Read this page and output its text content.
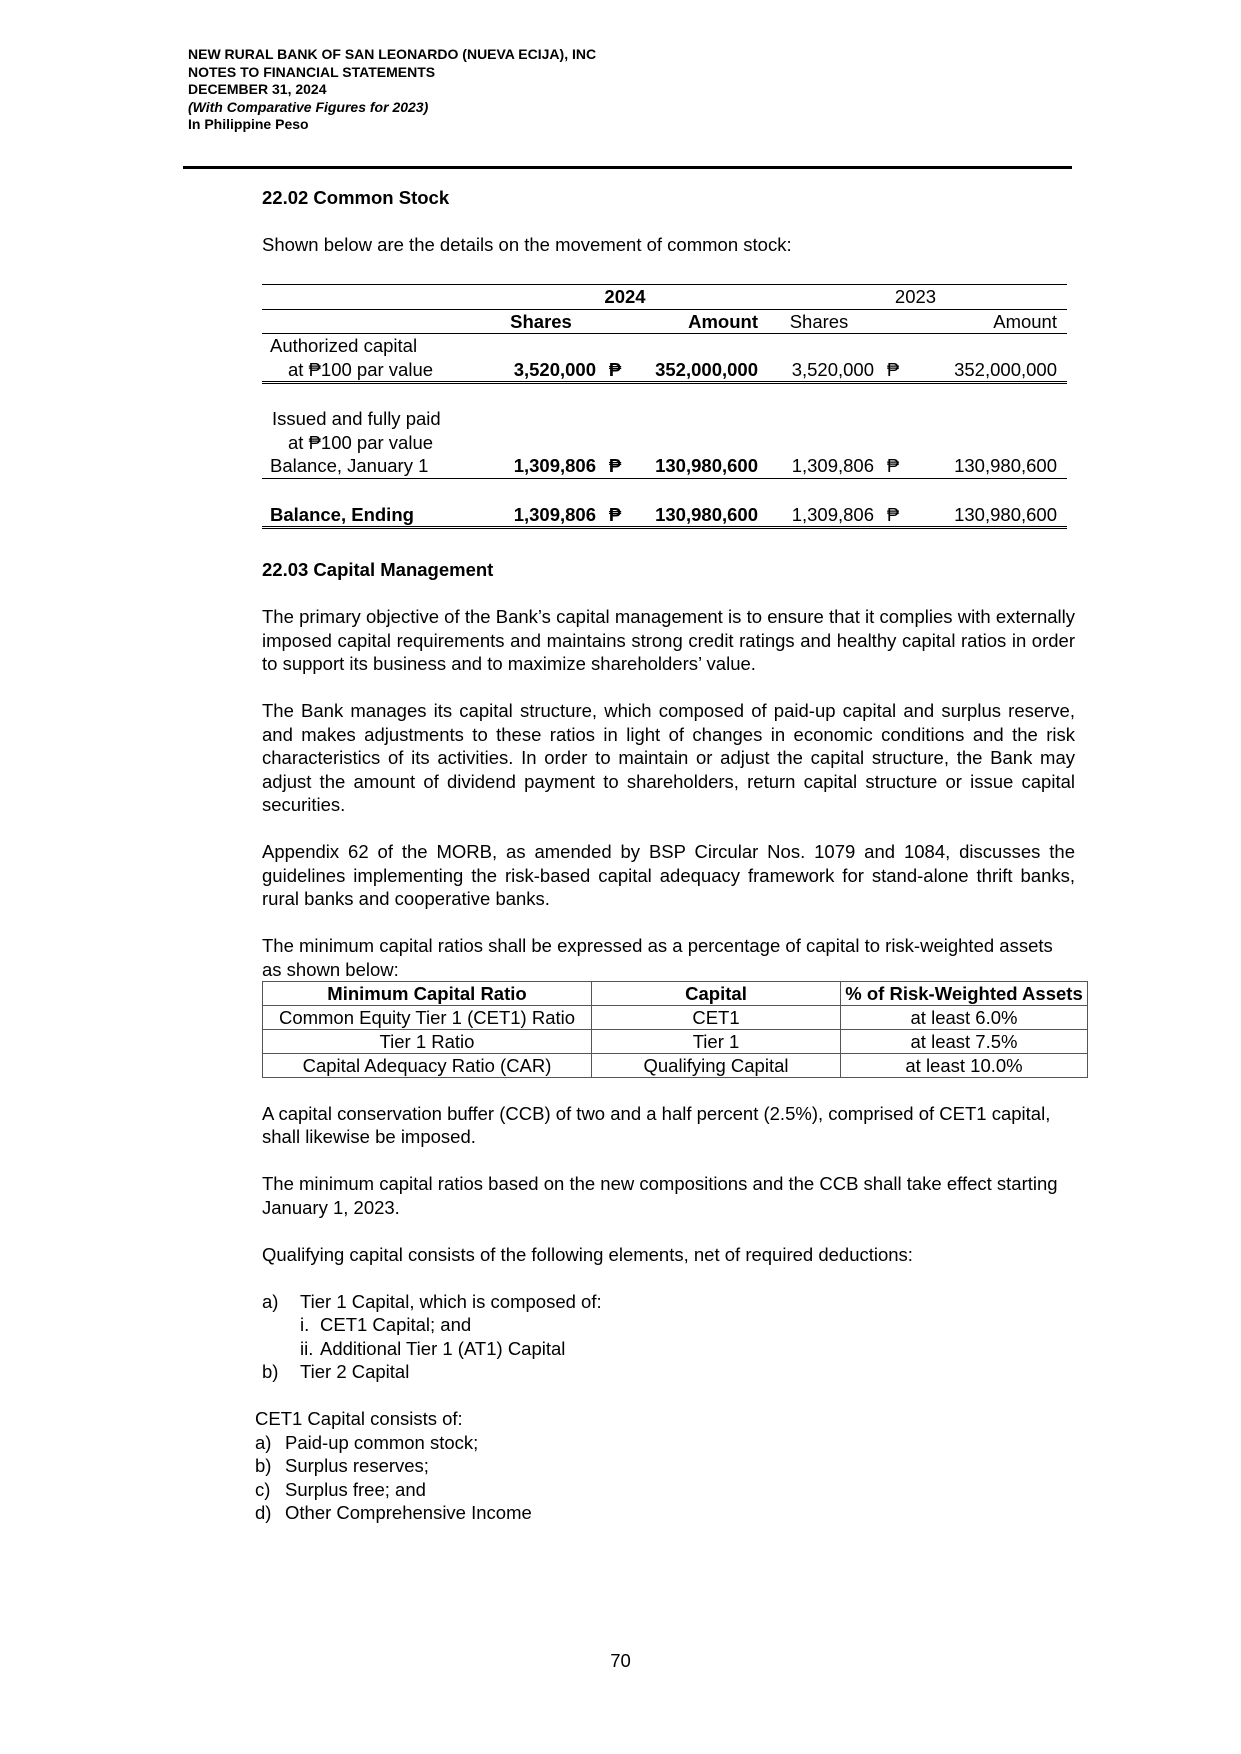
NEW RURAL BANK OF SAN LEONARDO (NUEVA ECIJA), INC
NOTES TO FINANCIAL STATEMENTS
DECEMBER 31, 2024
(With Comparative Figures for 2023)
In Philippine Peso
22.02 Common Stock

Shown below are the details on the movement of common stock:

	2024			2023		
	Shares	Amount		Shares	Amount	
Authorized capital						
at ₱100 par value	3,520,000	₱	352,000,000	3,520,000	₱	352,000,000

Issued and fully paid						
at ₱100 par value						
Balance, January 1	1,309,806	₱	130,980,600	1,309,806	₱	130,980,600

Balance, Ending	1,309,806	₱	130,980,600	1,309,806	₱	130,980,600
22.03 Capital Management

The primary objective of the Bank’s capital management is to ensure that it complies with externally imposed capital requirements and maintains strong credit ratings and healthy capital ratios in order to support its business and to maximize shareholders’ value.

The Bank manages its capital structure, which composed of paid-up capital and surplus reserve, and makes adjustments to these ratios in light of changes in economic conditions and the risk characteristics of its activities. In order to maintain or adjust the capital structure, the Bank may adjust the amount of dividend payment to shareholders, return capital structure or issue capital securities.

Appendix 62 of the MORB, as amended by BSP Circular Nos. 1079 and 1084, discusses the guidelines implementing the risk-based capital adequacy framework for stand-alone thrift banks, rural banks and cooperative banks.

The minimum capital ratios shall be expressed as a percentage of capital to risk-weighted assets as shown below:

Minimum Capital Ratio	Capital	% of Risk-Weighted Assets
Common Equity Tier 1 (CET1) Ratio	CET1	at least 6.0%
Tier 1 Ratio	Tier 1	at least 7.5%
Capital Adequacy Ratio (CAR)	Qualifying Capital	at least 10.0%

A capital conservation buffer (CCB) of two and a half percent (2.5%), comprised of CET1 capital, shall likewise be imposed.

The minimum capital ratios based on the new compositions and the CCB shall take effect starting January 1, 2023.

Qualifying capital consists of the following elements, net of required deductions:

a)	Tier 1 Capital, which is composed of:
i. CET1 Capital; and
ii. Additional Tier 1 (AT1) Capital
b)	Tier 2 Capital

CET1 Capital consists of:

a) Paid-up common stock;
b) Surplus reserves;
c) Surplus free; and
d) Other Comprehensive Income
70
